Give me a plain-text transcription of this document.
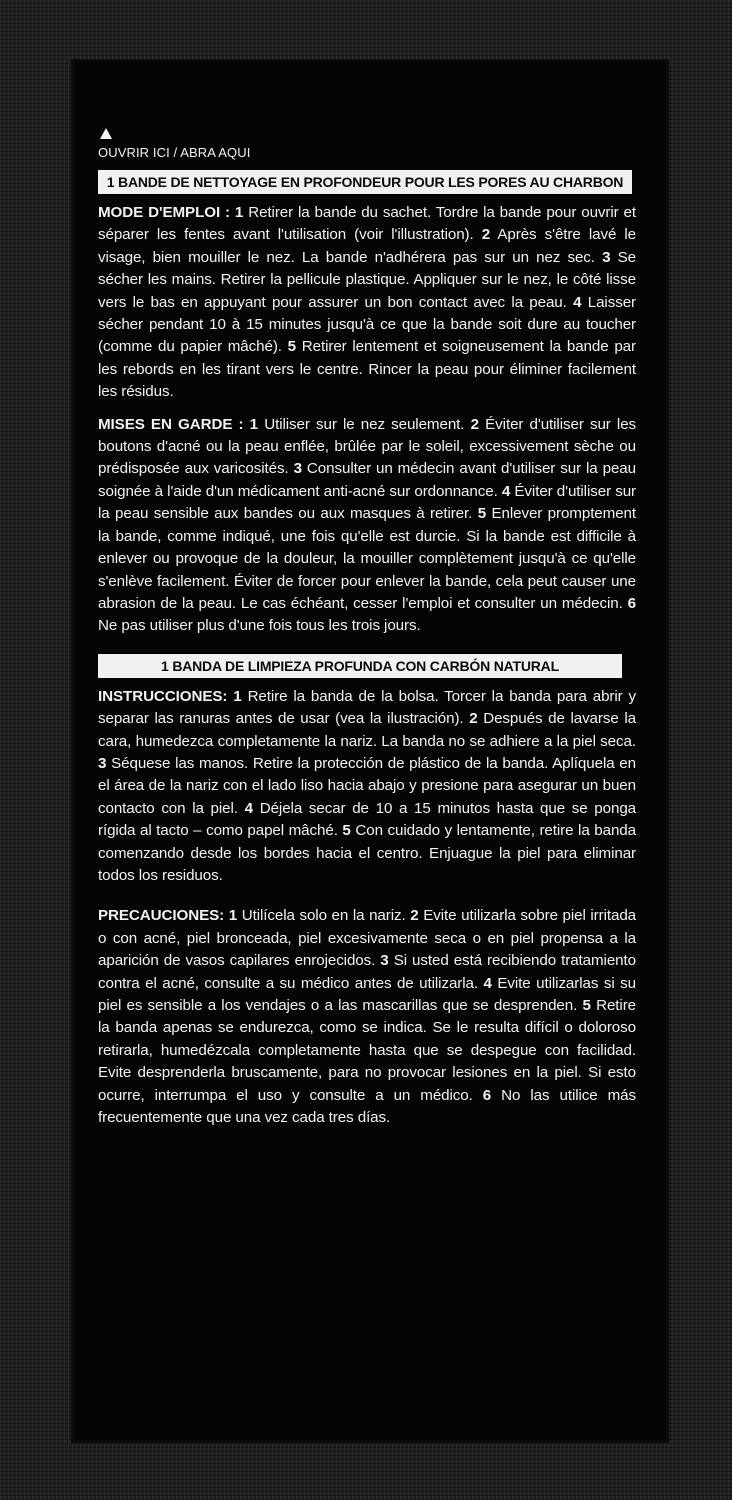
OUVRIR ICI / ABRA AQUI
1 BANDE DE NETTOYAGE EN PROFONDEUR POUR LES PORES AU CHARBON
MODE D'EMPLOI : 1 Retirer la bande du sachet. Tordre la bande pour ouvrir et séparer les fentes avant l'utilisation (voir l'illustration). 2 Après s'être lavé le visage, bien mouiller le nez. La bande n'adhérera pas sur un nez sec. 3 Se sécher les mains. Retirer la pellicule plastique. Appliquer sur le nez, le côté lisse vers le bas en appuyant pour assurer un bon contact avec la peau. 4 Laisser sécher pendant 10 à 15 minutes jusqu'à ce que la bande soit dure au toucher (comme du papier mâché). 5 Retirer lentement et soigneusement la bande par les rebords en les tirant vers le centre. Rincer la peau pour éliminer facilement les résidus.
MISES EN GARDE : 1 Utiliser sur le nez seulement. 2 Éviter d'utiliser sur les boutons d'acné ou la peau enflée, brûlée par le soleil, excessivement sèche ou prédisposée aux varicosités. 3 Consulter un médecin avant d'utiliser sur la peau soignée à l'aide d'un médicament anti-acné sur ordonnance. 4 Éviter d'utiliser sur la peau sensible aux bandes ou aux masques à retirer. 5 Enlever promptement la bande, comme indiqué, une fois qu'elle est durcie. Si la bande est difficile à enlever ou provoque de la douleur, la mouiller complètement jusqu'à ce qu'elle s'enlève facilement. Éviter de forcer pour enlever la bande, cela peut causer une abrasion de la peau. Le cas échéant, cesser l'emploi et consulter un médecin. 6 Ne pas utiliser plus d'une fois tous les trois jours.
1 BANDA DE LIMPIEZA PROFUNDA CON CARBÓN NATURAL
INSTRUCCIONES: 1 Retire la banda de la bolsa. Torcer la banda para abrir y separar las ranuras antes de usar (vea la ilustración). 2 Después de lavarse la cara, humedezca completamente la nariz. La banda no se adhiere a la piel seca. 3 Séquese las manos. Retire la protección de plástico de la banda. Aplíquela en el área de la nariz con el lado liso hacia abajo y presione para asegurar un buen contacto con la piel. 4 Déjela secar de 10 a 15 minutos hasta que se ponga rígida al tacto – como papel mâché. 5 Con cuidado y lentamente, retire la banda comenzando desde los bordes hacia el centro. Enjuague la piel para eliminar todos los residuos.
PRECAUCIONES: 1 Utilícela solo en la nariz. 2 Evite utilizarla sobre piel irritada o con acné, piel bronceada, piel excesivamente seca o en piel propensa a la aparición de vasos capilares enrojecidos. 3 Si usted está recibiendo tratamiento contra el acné, consulte a su médico antes de utilizarla. 4 Evite utilizarlas si su piel es sensible a los vendajes o a las mascarillas que se desprenden. 5 Retire la banda apenas se endurezca, como se indica. Se le resulta difícil o doloroso retirarla, humedézcala completamente hasta que se despegue con facilidad. Evite desprenderla bruscamente, para no provocar lesiones en la piel. Si esto ocurre, interrumpa el uso y consulte a un médico. 6 No las utilice más frecuentemente que una vez cada tres días.
